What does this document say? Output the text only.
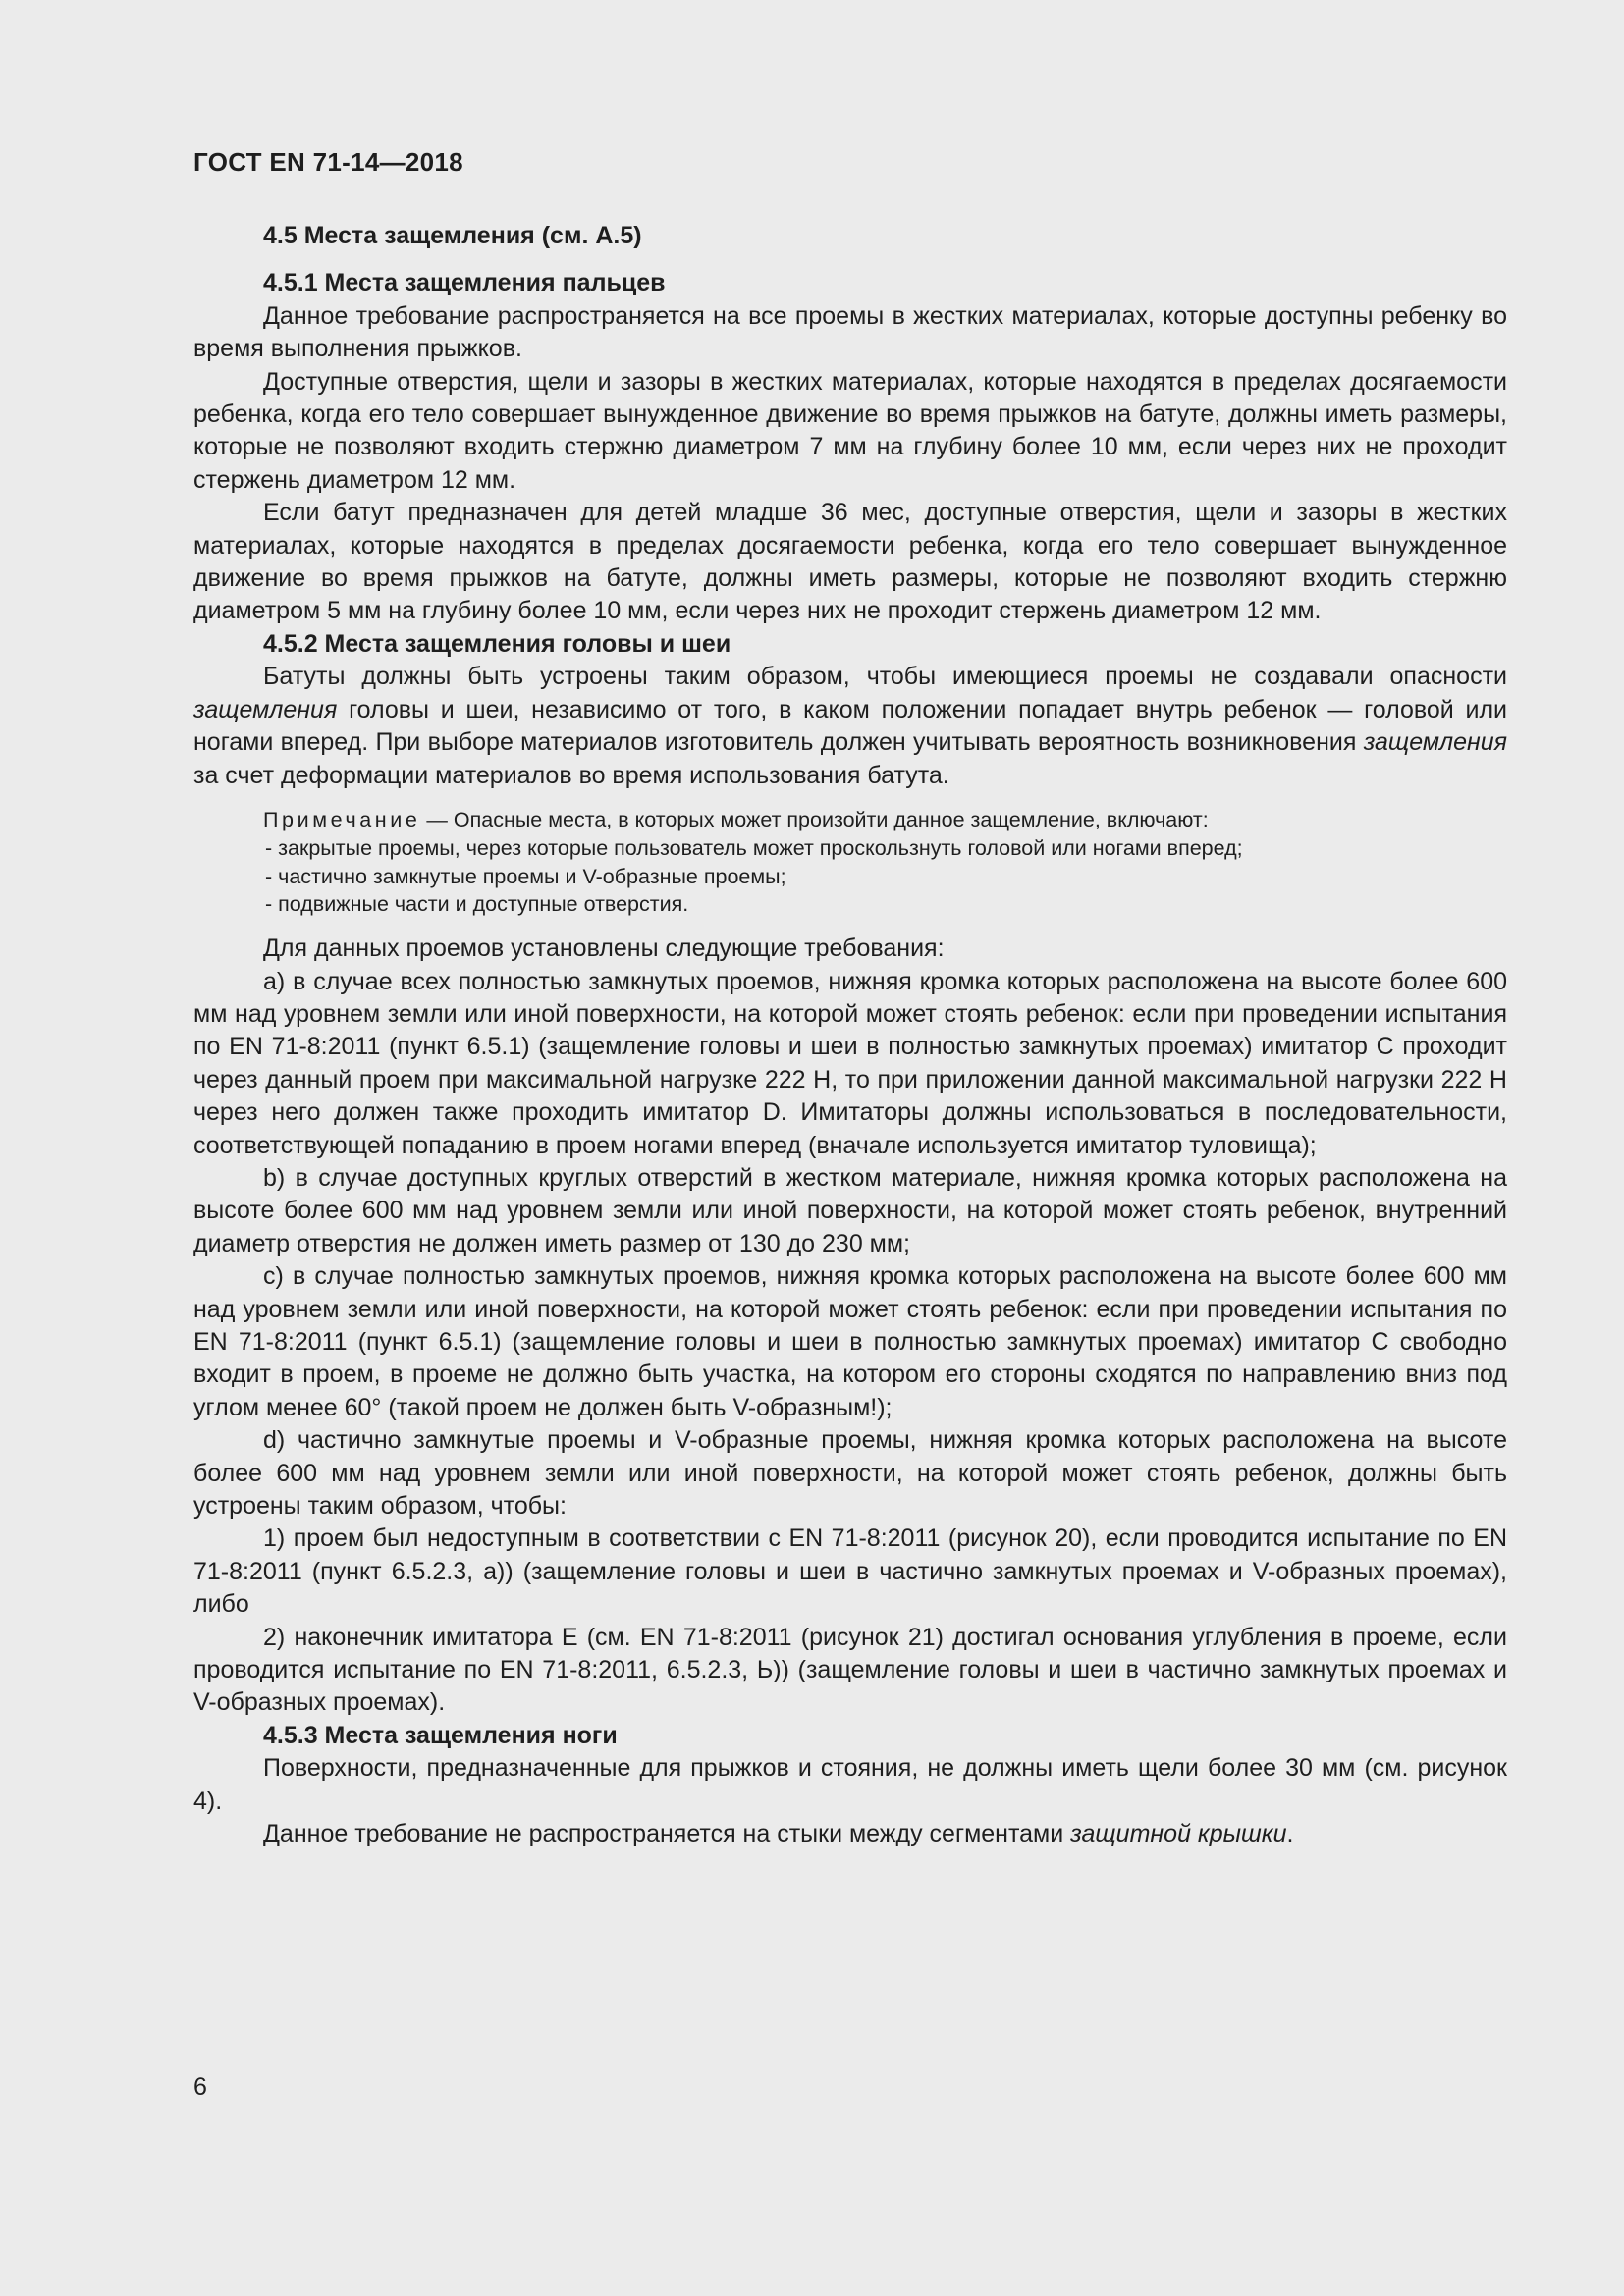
ГОСТ EN 71-14—2018

4.5 Места защемления (см. А.5)

4.5.1 Места защемления пальцев

Данное требование распространяется на все проемы в жестких материалах, которые доступны ребенку во время выполнения прыжков.

Доступные отверстия, щели и зазоры в жестких материалах, которые находятся в пределах досягаемости ребенка, когда его тело совершает вынужденное движение во время прыжков на батуте, должны иметь размеры, которые не позволяют входить стержню диаметром 7 мм на глубину более 10 мм, если через них не проходит стержень диаметром 12 мм.

Если батут предназначен для детей младше 36 мес, доступные отверстия, щели и зазоры в жестких материалах, которые находятся в пределах досягаемости ребенка, когда его тело совершает вынужденное движение во время прыжков на батуте, должны иметь размеры, которые не позволяют входить стержню диаметром 5 мм на глубину более 10 мм, если через них не проходит стержень диаметром 12 мм.

4.5.2 Места защемления головы и шеи

Батуты должны быть устроены таким образом, чтобы имеющиеся проемы не создавали опасности защемления головы и шеи, независимо от того, в каком положении попадает внутрь ребенок — головой или ногами вперед. При выборе материалов изготовитель должен учитывать вероятность возникновения защемления за счет деформации материалов во время использования батута.

Примечание — Опасные места, в которых может произойти данное защемление, включают:

- закрытые проемы, через которые пользователь может проскользнуть головой или ногами вперед;

- частично замкнутые проемы и V-образные проемы;

- подвижные части и доступные отверстия.

Для данных проемов установлены следующие требования:

a) в случае всех полностью замкнутых проемов, нижняя кромка которых расположена на высоте более 600 мм над уровнем земли или иной поверхности, на которой может стоять ребенок: если при проведении испытания по EN 71-8:2011 (пункт 6.5.1) (защемление головы и шеи в полностью замкнутых проемах) имитатор С проходит через данный проем при максимальной нагрузке 222 Н, то при приложении данной максимальной нагрузки 222 Н через него должен также проходить имитатор D. Имитаторы должны использоваться в последовательности, соответствующей попаданию в проем ногами вперед (вначале используется имитатор туловища);

b) в случае доступных круглых отверстий в жестком материале, нижняя кромка которых расположена на высоте более 600 мм над уровнем земли или иной поверхности, на которой может стоять ребенок, внутренний диаметр отверстия не должен иметь размер от 130 до 230 мм;

c) в случае полностью замкнутых проемов, нижняя кромка которых расположена на высоте более 600 мм над уровнем земли или иной поверхности, на которой может стоять ребенок: если при проведении испытания по EN 71-8:2011 (пункт 6.5.1) (защемление головы и шеи в полностью замкнутых проемах) имитатор С свободно входит в проем, в проеме не должно быть участка, на котором его стороны сходятся по направлению вниз под углом менее 60° (такой проем не должен быть V-образным!);

d) частично замкнутые проемы и V-образные проемы, нижняя кромка которых расположена на высоте более 600 мм над уровнем земли или иной поверхности, на которой может стоять ребенок, должны быть устроены таким образом, чтобы:

1) проем был недоступным в соответствии с EN 71-8:2011 (рисунок 20), если проводится испытание по EN 71-8:2011 (пункт 6.5.2.3, а)) (защемление головы и шеи в частично замкнутых проемах и V-образных проемах), либо

2) наконечник имитатора Е (см. EN 71-8:2011 (рисунок 21) достигал основания углубления в проеме, если проводится испытание по EN 71-8:2011, 6.5.2.3, Ь)) (защемление головы и шеи в частично замкнутых проемах и V-образных проемах).

4.5.3 Места защемления ноги

Поверхности, предназначенные для прыжков и стояния, не должны иметь щели более 30 мм (см. рисунок 4).

Данное требование не распространяется на стыки между сегментами защитной крышки.

6
